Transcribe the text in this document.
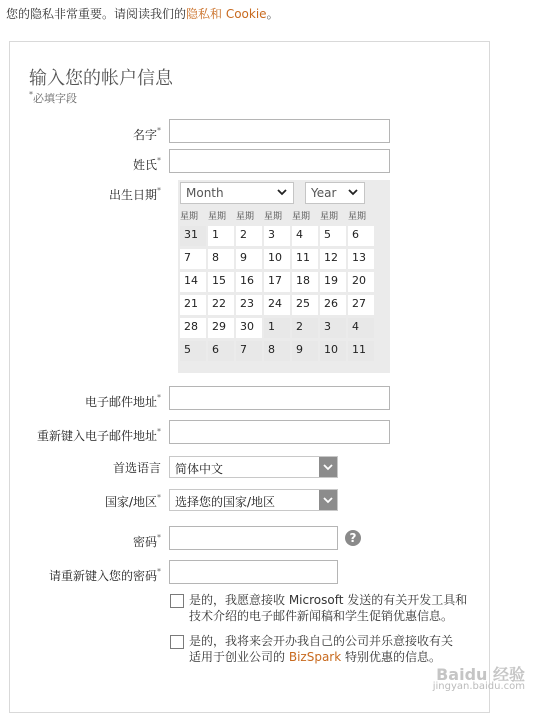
您的隐私非常重要。请阅读我们的隐私和 Cookie。
输入您的帐户信息
*必填字段
名字*
姓氏*
出生日期* Month	Year
星期	星期	星期	星期	星期	星期	星期
31	1	2	3	4	5	6
7	8	9	10	11	12	13
14	15	16	17	18	19	20
21	22	23	24	25	26	27
28	29	30	1	2	3	4
5	6	7	8	9	10	11
电子邮件地址*
重新键入电子邮件地址*
首选语言 简体中文
国家/地区* 选择您的国家/地区
密码*	?
请重新键入您的密码*
是的，我愿意接收 Microsoft 发送的有关开发工具和
技术介绍的电子邮件新闻稿和学生促销优惠信息。
是的，我将来会开办我自己的公司并乐意接收有关
适用于创业公司的 BizSpark 特别优惠的信息。
Baidu 经验
jingyan.baidu.com
